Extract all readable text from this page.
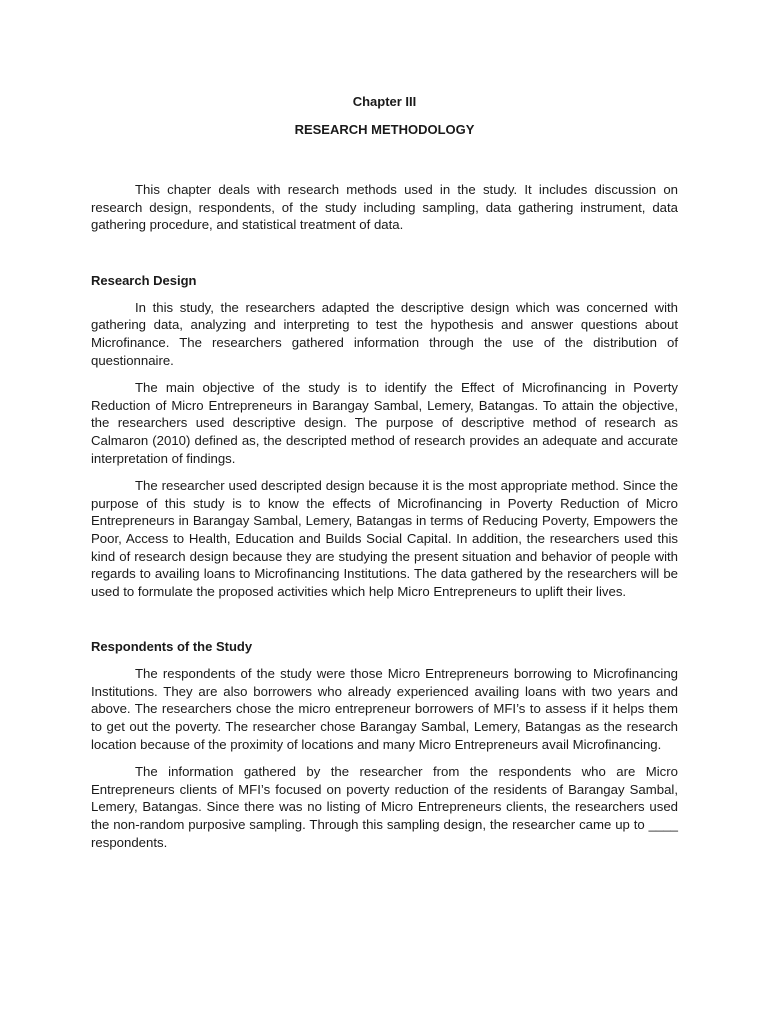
Chapter III
RESEARCH METHODOLOGY

This chapter deals with research methods used in the study. It includes discussion on research design, respondents, of the study including sampling, data gathering instrument, data gathering procedure, and statistical treatment of data.

Research Design

In this study, the researchers adapted the descriptive design which was concerned with gathering data, analyzing and interpreting to test the hypothesis and answer questions about Microfinance. The researchers gathered information through the use of the distribution of questionnaire.

The main objective of the study is to identify the Effect of Microfinancing in Poverty Reduction of Micro Entrepreneurs in Barangay Sambal, Lemery, Batangas. To attain the objective, the researchers used descriptive design. The purpose of descriptive method of research as Calmaron (2010) defined as, the descripted method of research provides an adequate and accurate interpretation of findings.

The researcher used descripted design because it is the most appropriate method. Since the purpose of this study is to know the effects of Microfinancing in Poverty Reduction of Micro Entrepreneurs in Barangay Sambal, Lemery, Batangas in terms of Reducing Poverty, Empowers the Poor, Access to Health, Education and Builds Social Capital. In addition, the researchers used this kind of research design because they are studying the present situation and behavior of people with regards to availing loans to Microfinancing Institutions. The data gathered by the researchers will be used to formulate the proposed activities which help Micro Entrepreneurs to uplift their lives.

Respondents of the Study

The respondents of the study were those Micro Entrepreneurs borrowing to Microfinancing Institutions. They are also borrowers who already experienced availing loans with two years and above. The researchers chose the micro entrepreneur borrowers of MFI’s to assess if it helps them to get out the poverty. The researcher chose Barangay Sambal, Lemery, Batangas as the research location because of the proximity of locations and many Micro Entrepreneurs avail Microfinancing.

The information gathered by the researcher from the respondents who are Micro Entrepreneurs clients of MFI’s focused on poverty reduction of the residents of Barangay Sambal, Lemery, Batangas. Since there was no listing of Micro Entrepreneurs clients, the researchers used the non-random purposive sampling. Through this sampling design, the researcher came up to ____ respondents.
